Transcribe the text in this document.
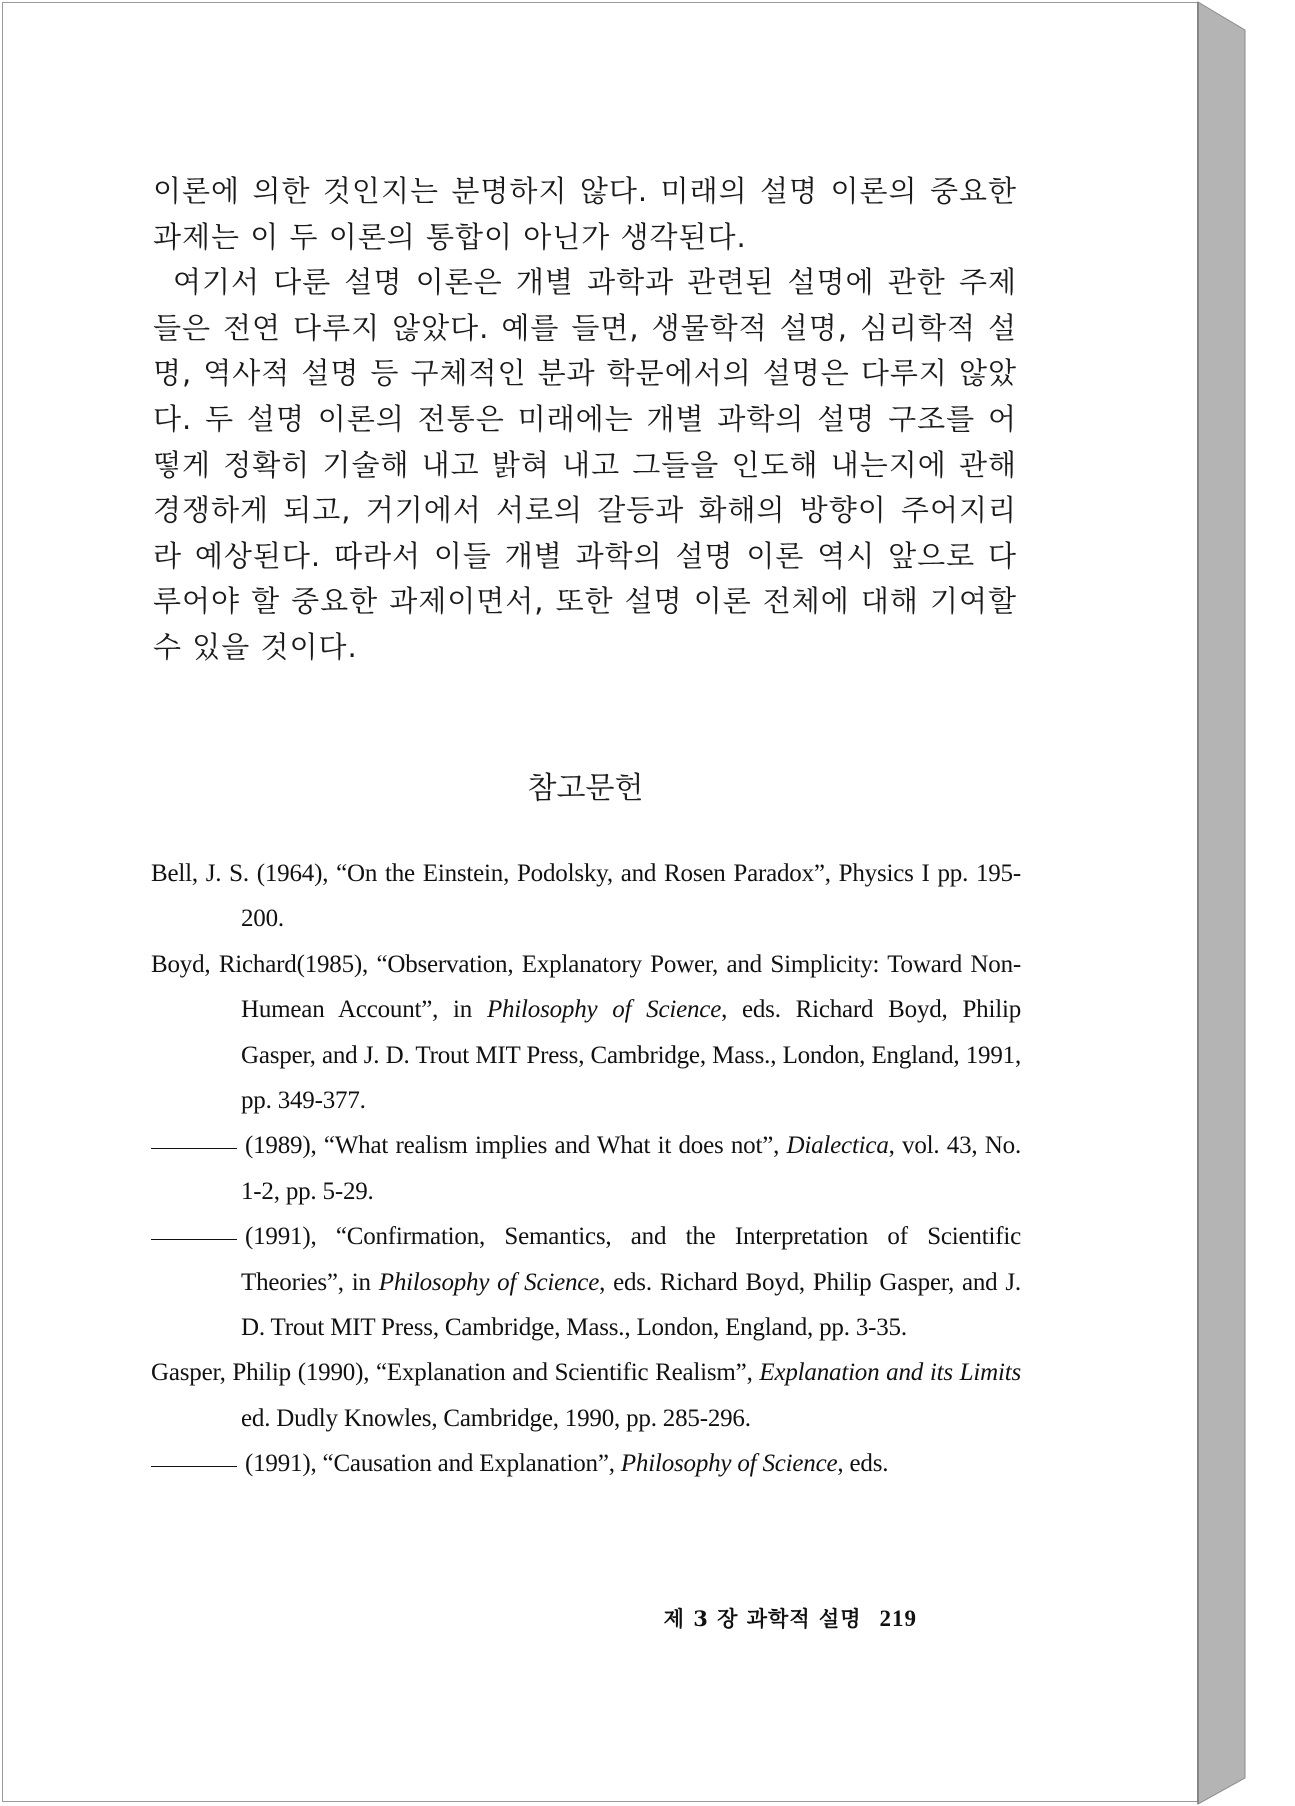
이론에 의한 것인지는 분명하지 않다. 미래의 설명 이론의 중요한 과제는 이 두 이론의 통합이 아닌가 생각된다.

여기서 다룬 설명 이론은 개별 과학과 관련된 설명에 관한 주제들은 전연 다루지 않았다. 예를 들면, 생물학적 설명, 심리학적 설명, 역사적 설명 등 구체적인 분과 학문에서의 설명은 다루지 않았다. 두 설명 이론의 전통은 미래에는 개별 과학의 설명 구조를 어떻게 정확히 기술해 내고 밝혀 내고 그들을 인도해 내는지에 관해 경쟁하게 되고, 거기에서 서로의 갈등과 화해의 방향이 주어지리라 예상된다. 따라서 이들 개별 과학의 설명 이론 역시 앞으로 다루어야 할 중요한 과제이면서, 또한 설명 이론 전체에 대해 기여할 수 있을 것이다.

참고문헌

Bell, J. S. (1964), “On the Einstein, Podolsky, and Rosen Paradox”, Physics I pp. 195-200.

Boyd, Richard(1985), “Observation, Explanatory Power, and Simplicity: Toward Non-Humean Account”, in Philosophy of Science, eds. Richard Boyd, Philip Gasper, and J. D. Trout MIT Press, Cambridge, Mass., London, England, 1991, pp. 349-377.

(1989), “What realism implies and What it does not”, Dialectica, vol. 43, No. 1-2, pp. 5-29.

(1991), “Confirmation, Semantics, and the Interpretation of Scientific Theories”, in Philosophy of Science, eds. Richard Boyd, Philip Gasper, and J. D. Trout MIT Press, Cambridge, Mass., London, England, pp. 3-35.

Gasper, Philip (1990), “Explanation and Scientific Realism”, Explanation and its Limits ed. Dudly Knowles, Cambridge, 1990, pp. 285-296.

(1991), “Causation and Explanation”, Philosophy of Science, eds.

제 3 장 과학적 설명 219
